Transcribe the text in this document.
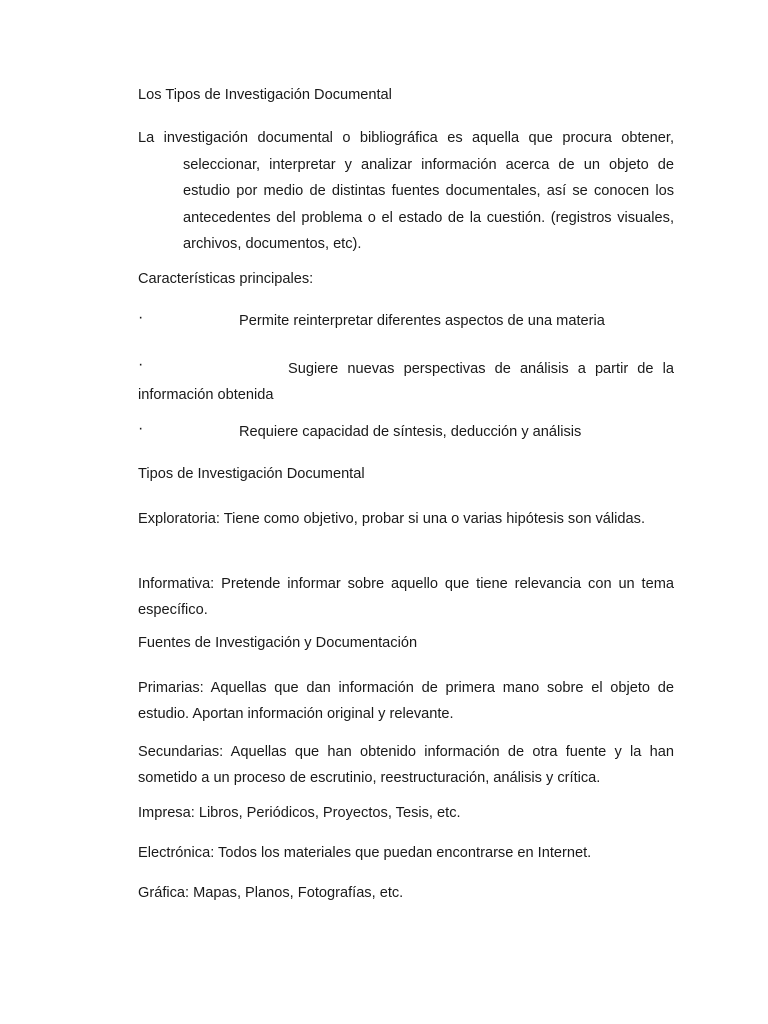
Los Tipos de Investigación Documental

La investigación documental o bibliográfica es aquella que procura obtener,
seleccionar, interpretar y analizar información acerca de un objeto de estudio por medio de distintas fuentes documentales, así se conocen los antecedentes del problema o el estado de la cuestión. (registros visuales, archivos, documentos, etc).

Características principales:

·	Permite reinterpretar diferentes aspectos de una materia
·	Sugiere nuevas perspectivas de análisis a partir de la
información obtenida
·	Requiere capacidad de síntesis, deducción y análisis

Tipos de Investigación Documental

Exploratoria: Tiene como objetivo, probar si una o varias hipótesis son válidas.

Informativa: Pretende informar sobre aquello que tiene relevancia con un tema específico.

Fuentes de Investigación y Documentación

Primarias: Aquellas que dan información de primera mano sobre el objeto de estudio. Aportan información original y relevante.

Secundarias: Aquellas que han obtenido información de otra fuente y la han sometido a un proceso de escrutinio, reestructuración, análisis y crítica.

Impresa: Libros, Periódicos, Proyectos, Tesis, etc.

Electrónica: Todos los materiales que puedan encontrarse en Internet.

Gráfica: Mapas, Planos, Fotografías, etc.
